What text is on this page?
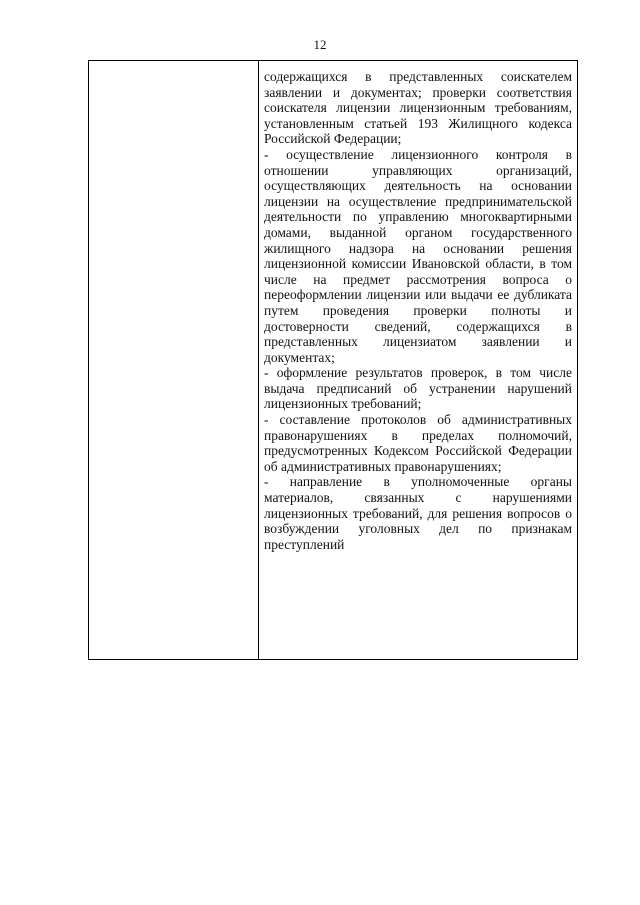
12

содержащихся в представленных соискателем заявлении и документах; проверки соответствия соискателя лицензии лицензионным требованиям, установленным статьей 193 Жилищного кодекса Российской Федерации;

- осуществление лицензионного контроля в отношении управляющих организаций, осуществляющих деятельность на основании лицензии на осуществление предпринимательской деятельности по управлению многоквартирными домами, выданной органом государственного жилищного надзора на основании решения лицензионной комиссии Ивановской области, в том числе на предмет рассмотрения вопроса о переоформлении лицензии или выдачи ее дубликата путем проведения проверки полноты и достоверности сведений, содержащихся в представленных лицензиатом заявлении и документах;

- оформление результатов проверок, в том числе выдача предписаний об устранении нарушений лицензионных требований;

- составление протоколов об административных правонарушениях в пределах полномочий, предусмотренных Кодексом Российской Федерации об административных правонарушениях;

- направление в уполномоченные органы материалов, связанных с нарушениями лицензионных требований, для решения вопросов о возбуждении уголовных дел по признакам преступлений
